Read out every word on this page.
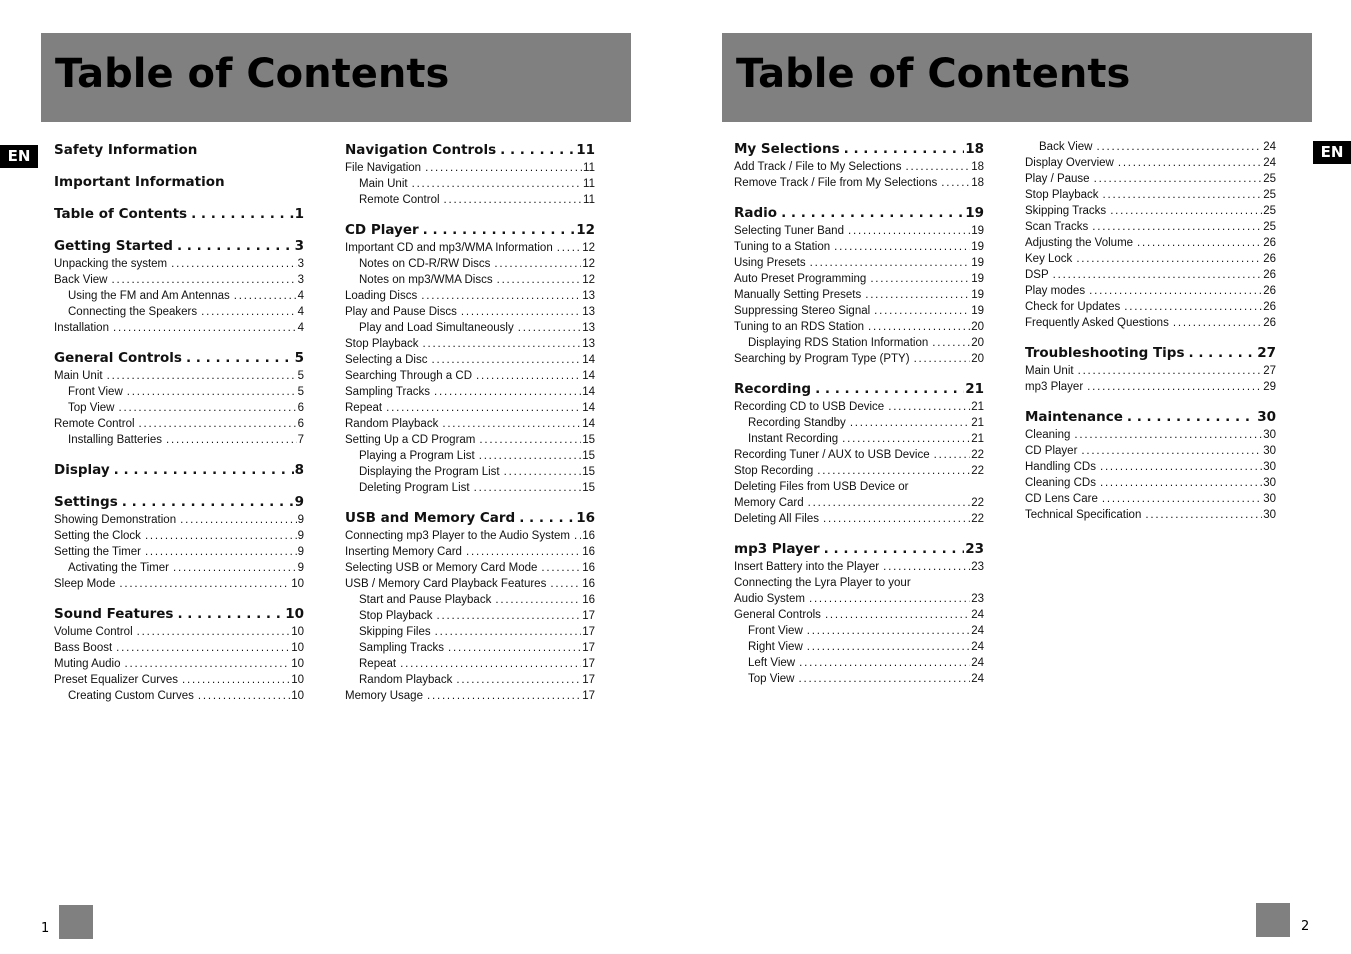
Table of Contents	Table of Contents
EN	EN
Safety Information
Important Information
Table of Contents . . .	1
Getting Started . . .	3
Unpacking the system . . .	3
Back View . . .	3
Using the FM and Am Antennas . . .	4
Connecting the Speakers . . .	4
Installation . . .	4
General Controls . . .	5
Main Unit . . .	5
Front View . . .	5
Top View . . .	6
Remote Control . . .	6
Installing Batteries . . .	7
Display . . .	8
Settings . . .	9
Showing Demonstration . . .	9
Setting the Clock . . .	9
Setting the Timer . . .	9
Activating the Timer . . .	9
Sleep Mode . . .	10
Sound Features . . .	10
Volume Control . . .	10
Bass Boost . . .	10
Muting Audio . . .	10
Preset Equalizer Curves . . .	10
Creating Custom Curves . . .	10
Navigation Controls . . .	11
File Navigation . . .	11
Main Unit . . .	11
Remote Control . . .	11
CD Player . . .	12
Important CD and mp3/WMA Information . . .	12
Notes on CD-R/RW Discs . . .	12
Notes on mp3/WMA Discs . . .	12
Loading Discs . . .	13
Play and Pause Discs . . .	13
Play and Load Simultaneously . . .	13
Stop Playback . . .	13
Selecting a Disc . . .	14
Searching Through a CD . . .	14
Sampling Tracks . . .	14
Repeat . . .	14
Random Playback . . .	14
Setting Up a CD Program . . .	15
Playing a Program List . . .	15
Displaying the Program List . . .	15
Deleting Program List . . .	15
USB and Memory Card . . .	16
Connecting mp3 Player to the Audio System . . . 16
Inserting Memory Card . . .	16
Selecting USB or Memory Card Mode . . .	16
USB / Memory Card Playback Features . . .	16
Start and Pause Playback . . .	16
Stop Playback . . .	17
Skipping Files . . .	17
Sampling Tracks . . .	17
Repeat . . .	17
Random Playback . . .	17
Memory Usage . . .	17
My Selections . . .	18
Add Track / File to My Selections . . .	18
Remove Track / File from My Selections . . .	18
Radio . . .	19
Selecting Tuner Band . . .	19
Tuning to a Station . . .	19
Using Presets . . .	19
Auto Preset Programming . . .	19
Manually Setting Presets . . .	19
Suppressing Stereo Signal . . .	19
Tuning to an RDS Station . . .	20
Displaying RDS Station Information . . .	20
Searching by Program Type (PTY) . . .	20
Recording . . .	21
Recording CD to USB Device . . .	21
Recording Standby . . .	21
Instant Recording . . .	21
Recording Tuner / AUX to USB Device . . .	22
Stop Recording . . .	22
Deleting Files from USB Device or
Memory Card . . .	22
Deleting All Files . . .	22
mp3 Player . . .	23
Insert Battery into the Player . . .	23
Connecting the Lyra Player to your
Audio System . . .	23
General Controls . . .	24
Front View . . .	24
Right View . . .	24
Left View . . .	24
Top View . . .	24
Back View . . .	24
Display Overview . . .	24
Play / Pause . . .	25
Stop Playback . . .	25
Skipping Tracks . . .	25
Scan Tracks . . .	25
Adjusting the Volume . . .	26
Key Lock . . .	26
DSP . . .	26
Play modes . . .	26
Check for Updates . . .	26
Frequently Asked Questions . . .	26
Troubleshooting Tips . . .	27
Main Unit . . .	27
mp3 Player . . .	29
Maintenance . . .	30
Cleaning . . .	30
CD Player . . .	30
Handling CDs . . .	30
Cleaning CDs . . .	30
CD Lens Care . . .	30
Technical Specification . . .	30
1	2
